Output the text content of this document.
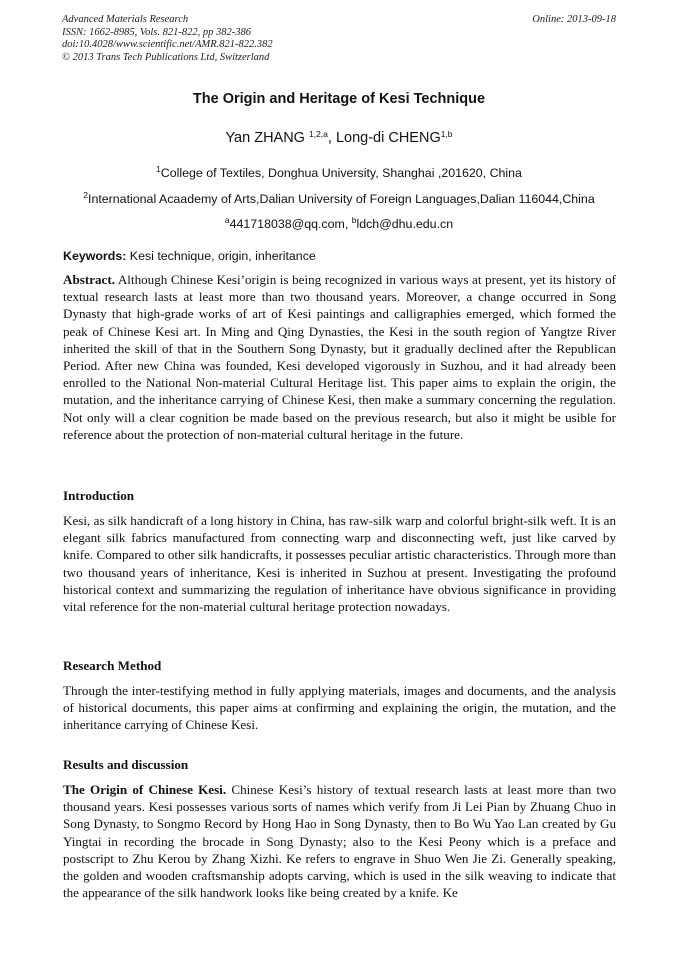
Advanced Materials Research
ISSN: 1662-8985, Vols. 821-822, pp 382-386
doi:10.4028/www.scientific.net/AMR.821-822.382
© 2013 Trans Tech Publications Ltd, Switzerland
Online: 2013-09-18
The Origin and Heritage of Kesi Technique
Yan ZHANG $^{1,2,a}$, Long-di CHENG$^{1,b}$
$^1$College of Textiles, Donghua University, Shanghai ,201620, China
$^2$International Acaademy of Arts,Dalian University of Foreign Languages,Dalian 116044,China
$^a$441718038@qq.com, $^b$ldch@dhu.edu.cn
Keywords: Kesi technique, origin, inheritance
Abstract. Although Chinese Kesi’origin is being recognized in various ways at present, yet its history of textual research lasts at least more than two thousand years. Moreover, a change occurred in Song Dynasty that high-grade works of art of Kesi paintings and calligraphies emerged, which formed the peak of Chinese Kesi art. In Ming and Qing Dynasties, the Kesi in the south region of Yangtze River inherited the skill of that in the Southern Song Dynasty, but it gradually declined after the Republican Period. After new China was founded, Kesi developed vigorously in Suzhou, and it had already been enrolled to the National Non-material Cultural Heritage list. This paper aims to explain the origin, the mutation, and the inheritance carrying of Chinese Kesi, then make a summary concerning the regulation. Not only will a clear cognition be made based on the previous research, but also it might be usible for reference about the protection of non-material cultural heritage in the future.
Introduction
Kesi, as silk handicraft of a long history in China, has raw-silk warp and colorful bright-silk weft. It is an elegant silk fabrics manufactured from connecting warp and disconnecting weft, just like carved by knife. Compared to other silk handicrafts, it possesses peculiar artistic characteristics. Through more than two thousand years of inheritance, Kesi is inherited in Suzhou at present. Investigating the profound historical context and summarizing the regulation of inheritance have obvious significance in providing vital reference for the non-material cultural heritage protection nowadays.
Research Method
Through the inter-testifying method in fully applying materials, images and documents, and the analysis of historical documents, this paper aims at confirming and explaining the origin, the mutation, and the inheritance carrying of Chinese Kesi.
Results and discussion
The Origin of Chinese Kesi. Chinese Kesi’s history of textual research lasts at least more than two thousand years. Kesi possesses various sorts of names which verify from Ji Lei Pian by Zhuang Chuo in Song Dynasty, to Songmo Record by Hong Hao in Song Dynasty, then to Bo Wu Yao Lan created by Gu Yingtai in recording the brocade in Song Dynasty; also to the Kesi Peony which is a preface and postscript to Zhu Kerou by Zhang Xizhi. Ke refers to engrave in Shuo Wen Jie Zi. Generally speaking, the golden and wooden craftsmanship adopts carving, which is used in the silk weaving to indicate that the appearance of the silk handwork looks like being created by a knife. Ke
